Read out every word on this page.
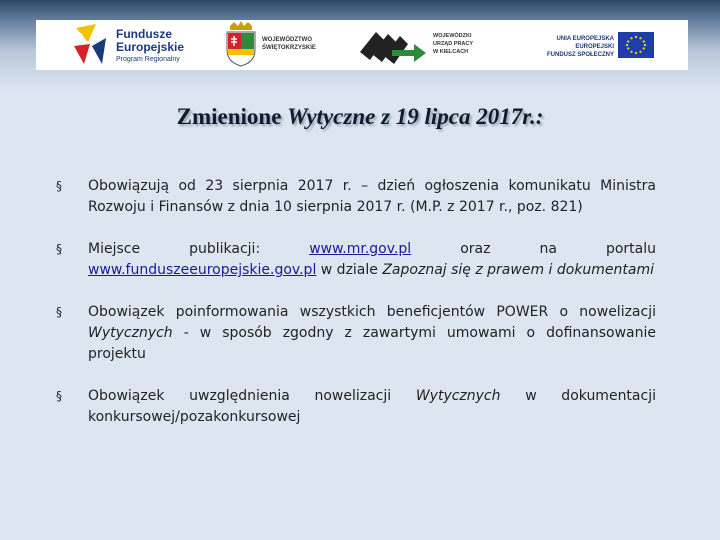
Fundusze
Europejskie
Program Regionalny
WOJEWÓDZTWO
ŚWIĘTOKRZYSKIE
WOJEWÓDZKI
URZĄD PRACY
W KIELCACH
UNIA EUROPEJSKA
EUROPEJSKI
FUNDUSZ SPOŁECZNY
Zmienione Wytyczne z 19 lipca 2017r.:
§ Obowiązują od 23 sierpnia 2017 r. – dzień ogłoszenia komunikatu Ministra Rozwoju i Finansów z dnia 10 sierpnia 2017 r. (M.P. z 2017 r., poz. 821)
§ Miejsce publikacji: www.mr.gov.pl oraz na portalu www.funduszeeuropejskie.gov.pl w dziale Zapoznaj się z prawem i dokumentami
§ Obowiązek poinformowania wszystkich beneficjentów POWER o nowelizacji Wytycznych - w sposób zgodny z zawartymi umowami o dofinansowanie projektu
§ Obowiązek uwzględnienia nowelizacji Wytycznych w dokumentacji konkursowej/pozakonkursowej
